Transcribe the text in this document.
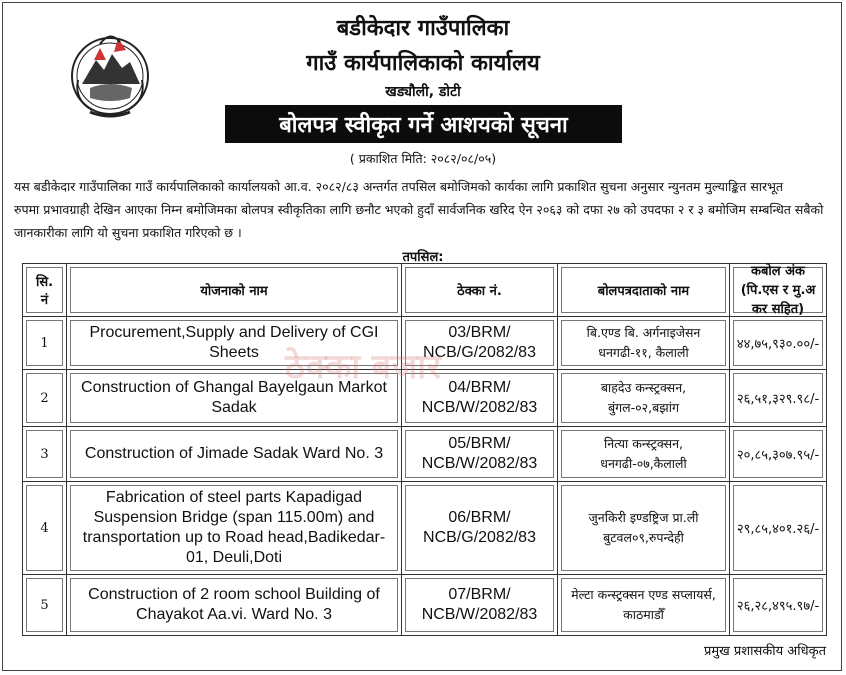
बडीकेदार गाउँपालिका
गाउँ कार्यपालिकाको कार्यालय
खड्यौली, डोटी
बोलपत्र स्वीकृत गर्ने आशयको सूचना
( प्रकाशित मिति: २०८२/०८/०५)
यस बडीकेदार गाउँपालिका गाउँ कार्यपालिकाको कार्यालयको आ.व. २०८२/८३ अन्तर्गत तपसिल बमोजिमको कार्यका लागि प्रकाशित सुचना अनुसार न्युनतम मुल्याङ्कित सारभूत
रुपमा प्रभावग्राही देखिन आएका निम्न बमोजिमका बोलपत्र स्वीकृतिका लागि छनौट भएको हुदाँ सार्वजनिक खरिद ऐन २०६३ को दफा २७ को उपदफा २ र ३ बमोजिम सम्बन्धित सबैको
जानकारीका लागि यो सुचना प्रकाशित गरिएको छ ।
तपसिल:
सि. नं	योजनाको नाम	ठेक्का नं.	बोलपत्रदाताको नाम	कबोल अंक (पि.एस र मु.अ कर सहित)

1	Procurement,Supply and Delivery of CGI Sheets	03/BRM/ NCB/G/2082/83	बि.एण्ड बि. अर्गनाइजेसन धनगढी-११, कैलाली	४४,७५,९३०.००/-

2	Construction of Ghangal Bayelgaun Markot Sadak	04/BRM/ NCB/W/2082/83	बाहदेउ कन्स्ट्रक्सन, बुंगल-०२,बझांग	२६,५१,३२९.९८/-

3	Construction of Jimade Sadak Ward No. 3	05/BRM/ NCB/W/2082/83	नित्या कन्स्ट्रक्सन, धनगढी-०७,कैलाली	२०,८५,३०७.९५/-

4	Fabrication of steel parts Kapadigad Suspension Bridge (span 115.00m) and transportation up to Road head,Badikedar-01, Deuli,Doti	06/BRM/ NCB/G/2082/83	जुनकिरी इण्डष्ट्रिज प्रा.ली बुटवल०९,रुपन्देही	२९,८५,४०१.२६/-

5	Construction of 2 room school Building of Chayakot Aa.vi. Ward No. 3	07/BRM/ NCB/W/2082/83	मेल्टा कन्स्ट्रक्सन एण्ड सप्लायर्स, काठमाडौँ	२६,२८,४९५.९७/-
ठेक्का बजार
प्रमुख प्रशासकीय अधिकृत
